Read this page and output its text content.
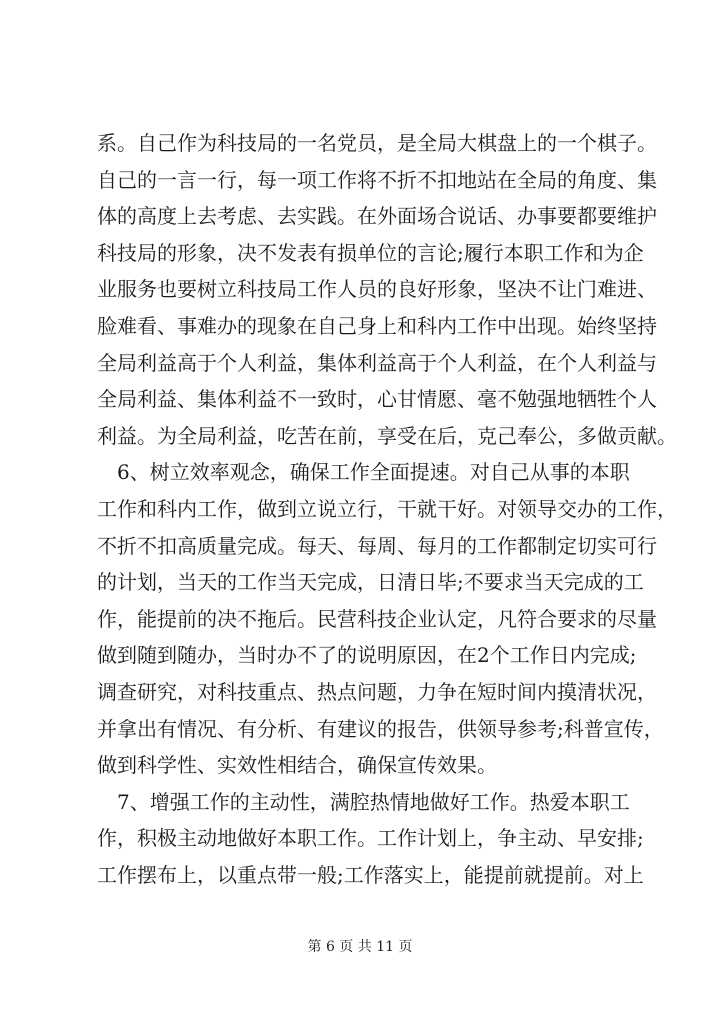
系。自己作为科技局的一名党员，是全局大棋盘上的一个棋子。
自己的一言一行，每一项工作将不折不扣地站在全局的角度、集
体的高度上去考虑、去实践。在外面场合说话、办事要都要维护
科技局的形象，决不发表有损单位的言论;履行本职工作和为企
业服务也要树立科技局工作人员的良好形象，坚决不让门难进、
脸难看、事难办的现象在自己身上和科内工作中出现。始终坚持
全局利益高于个人利益，集体利益高于个人利益，在个人利益与
全局利益、集体利益不一致时，心甘情愿、毫不勉强地牺牲个人
利益。为全局利益，吃苦在前，享受在后，克己奉公，多做贡献。
　6、树立效率观念，确保工作全面提速。对自己从事的本职
工作和科内工作，做到立说立行，干就干好。对领导交办的工作，
不折不扣高质量完成。每天、每周、每月的工作都制定切实可行
的计划，当天的工作当天完成，日清日毕;不要求当天完成的工
作，能提前的决不拖后。民营科技企业认定，凡符合要求的尽量
做到随到随办，当时办不了的说明原因，在2个工作日内完成;
调查研究，对科技重点、热点问题，力争在短时间内摸清状况，
并拿出有情况、有分析、有建议的报告，供领导参考;科普宣传，
做到科学性、实效性相结合，确保宣传效果。
　7、增强工作的主动性，满腔热情地做好工作。热爱本职工
作，积极主动地做好本职工作。工作计划上，争主动、早安排;
工作摆布上，以重点带一般;工作落实上，能提前就提前。对上
第 6 页 共 11 页
